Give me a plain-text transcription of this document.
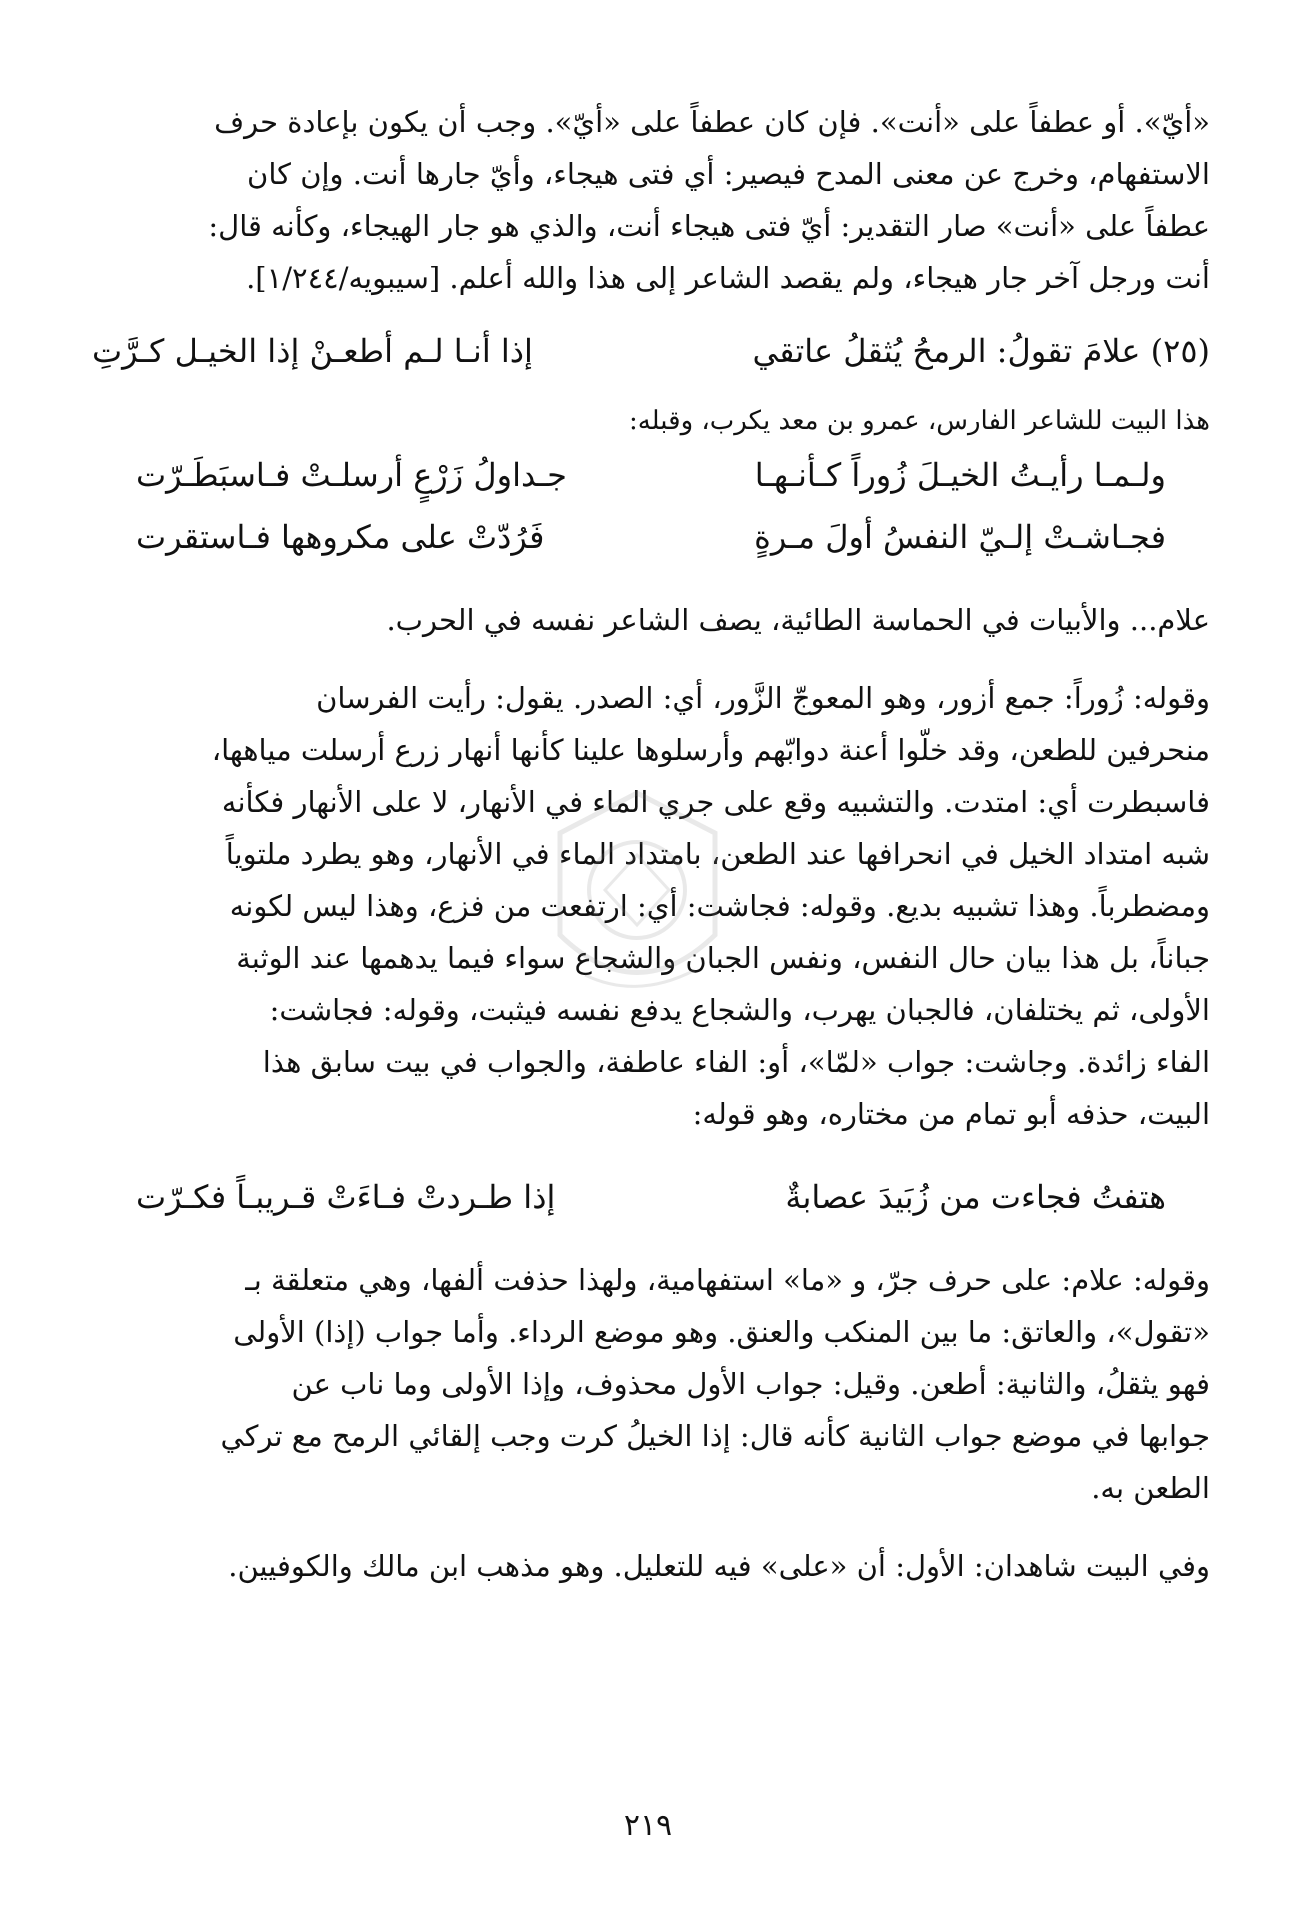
«أيّ». أو عطفاً على «أنت». فإن كان عطفاً على «أيّ». وجب أن يكون بإعادة حرف

الاستفهام، وخرج عن معنى المدح فيصير: أي فتى هيجاء، وأيّ جارها أنت. وإن كان

عطفاً على «أنت» صار التقدير: أيّ فتى هيجاء أنت، والذي هو جار الهيجاء، وكأنه قال:

أنت ورجل آخر جار هيجاء، ولم يقصد الشاعر إلى هذا والله أعلم. [سيبويه/١/٢٤٤].

(٢٥) علامَ تقولُ: الرمحُ يُثقلُ عاتقي
إذا أنـا لـم أطعـنْ إذا الخيـل كـرَّتِ

هذا البيت للشاعر الفارس، عمرو بن معد يكرب، وقبله:

ولـمـا رأيـتُ الخيـلَ زُوراً كـأنـهـا
جـداولُ زَرْعٍ أرسلـتْ فـاسبَطَـرّت
فجـاشـتْ إلـيّ النفسُ أولَ مـرةٍ
فَرُدّتْ على مكروهها فـاستقرت

علام... والأبيات في الحماسة الطائية، يصف الشاعر نفسه في الحرب.

وقوله: زُوراً: جمع أزور، وهو المعوجّ الزَّور، أي: الصدر. يقول: رأيت الفرسان

منحرفين للطعن، وقد خلّوا أعنة دوابّهم وأرسلوها علينا كأنها أنهار زرع أرسلت مياهها،

فاسبطرت أي: امتدت. والتشبيه وقع على جري الماء في الأنهار، لا على الأنهار فكأنه

شبه امتداد الخيل في انحرافها عند الطعن، بامتداد الماء في الأنهار، وهو يطرد ملتوياً

ومضطرباً. وهذا تشبيه بديع. وقوله: فجاشت: أي: ارتفعت من فزع، وهذا ليس لكونه

جباناً، بل هذا بيان حال النفس، ونفس الجبان والشجاع سواء فيما يدهمها عند الوثبة

الأولى، ثم يختلفان، فالجبان يهرب، والشجاع يدفع نفسه فيثبت، وقوله: فجاشت:

الفاء زائدة. وجاشت: جواب «لمّا»، أو: الفاء عاطفة، والجواب في بيت سابق هذا

البيت، حذفه أبو تمام من مختاره، وهو قوله:

هتفتُ فجاءت من زُبَيدَ عصابةٌ
إذا طـردتْ فـاءَتْ قـريبـاً فكـرّت

وقوله: علام: على حرف جرّ، و «ما» استفهامية، ولهذا حذفت ألفها، وهي متعلقة بـ

«تقول»، والعاتق: ما بين المنكب والعنق. وهو موضع الرداء. وأما جواب (إذا) الأولى

فهو يثقلُ، والثانية: أطعن. وقيل: جواب الأول محذوف، وإذا الأولى وما ناب عن

جوابها في موضع جواب الثانية كأنه قال: إذا الخيلُ كرت وجب إلقائي الرمح مع تركي

الطعن به.

وفي البيت شاهدان: الأول: أن «على» فيه للتعليل. وهو مذهب ابن مالك والكوفيين.

٢١٩
